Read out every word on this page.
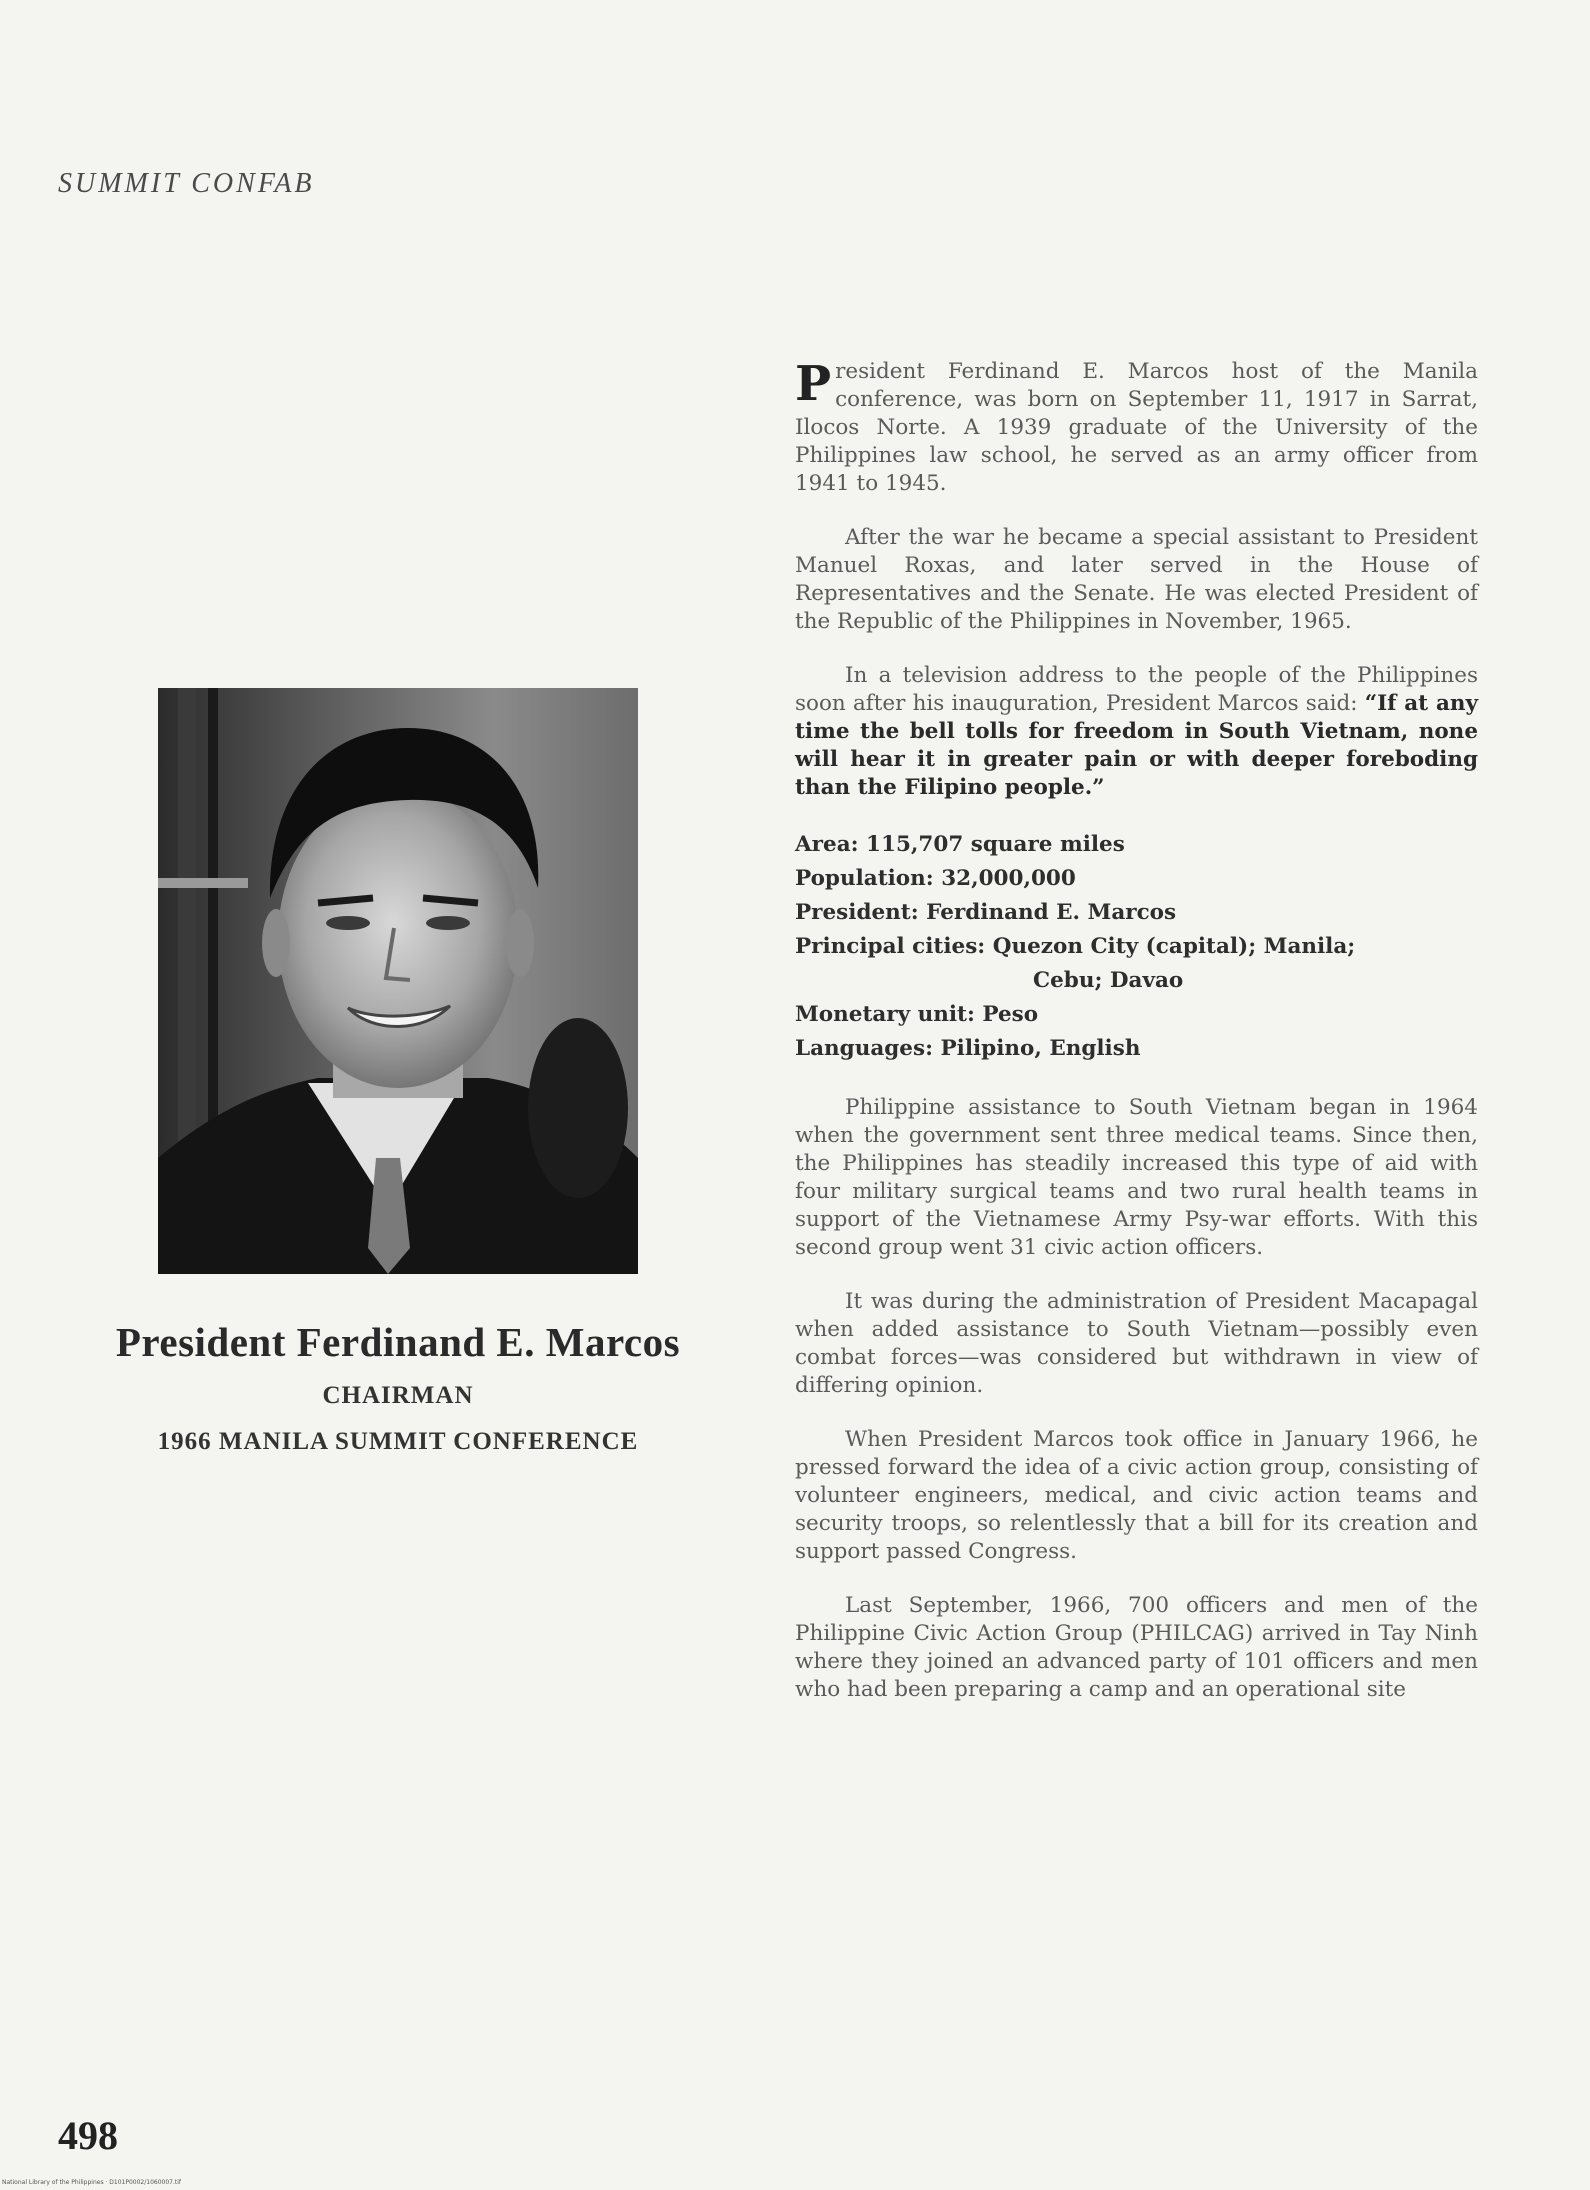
SUMMIT CONFAB
President Ferdinand E. Marcos
CHAIRMAN
1966 MANILA SUMMIT CONFERENCE

President Ferdinand E. Marcos host of the Manila conference, was born on September 11, 1917 in Sarrat, Ilocos Norte. A 1939 graduate of the University of the Philippines law school, he served as an army officer from 1941 to 1945.

After the war he became a special assistant to President Manuel Roxas, and later served in the House of Representatives and the Senate. He was elected President of the Republic of the Philippines in November, 1965.

In a television address to the people of the Philippines soon after his inauguration, President Marcos said: “If at any time the bell tolls for freedom in South Vietnam, none will hear it in greater pain or with deeper foreboding than the Filipino people.”

Area: 115,707 square miles
Population: 32,000,000
President: Ferdinand E. Marcos
Principal cities: Quezon City (capital); Manila;
Cebu; Davao
Monetary unit: Peso
Languages: Pilipino, English

Philippine assistance to South Vietnam began in 1964 when the government sent three medical teams. Since then, the Philippines has steadily increased this type of aid with four military surgical teams and two rural health teams in support of the Vietnamese Army Psy-war efforts. With this second group went 31 civic action officers.

It was during the administration of President Macapagal when added assistance to South Vietnam—possibly even combat forces—was considered but withdrawn in view of differing opinion.

When President Marcos took office in January 1966, he pressed forward the idea of a civic action group, consisting of volunteer engineers, medical, and civic action teams and security troops, so relentlessly that a bill for its creation and support passed Congress.

Last September, 1966, 700 officers and men of the Philippine Civic Action Group (PHILCAG) arrived in Tay Ninh where they joined an advanced party of 101 officers and men who had been preparing a camp and an operational site

498
National Library of the Philippines · D101P0002/1060007.tif
